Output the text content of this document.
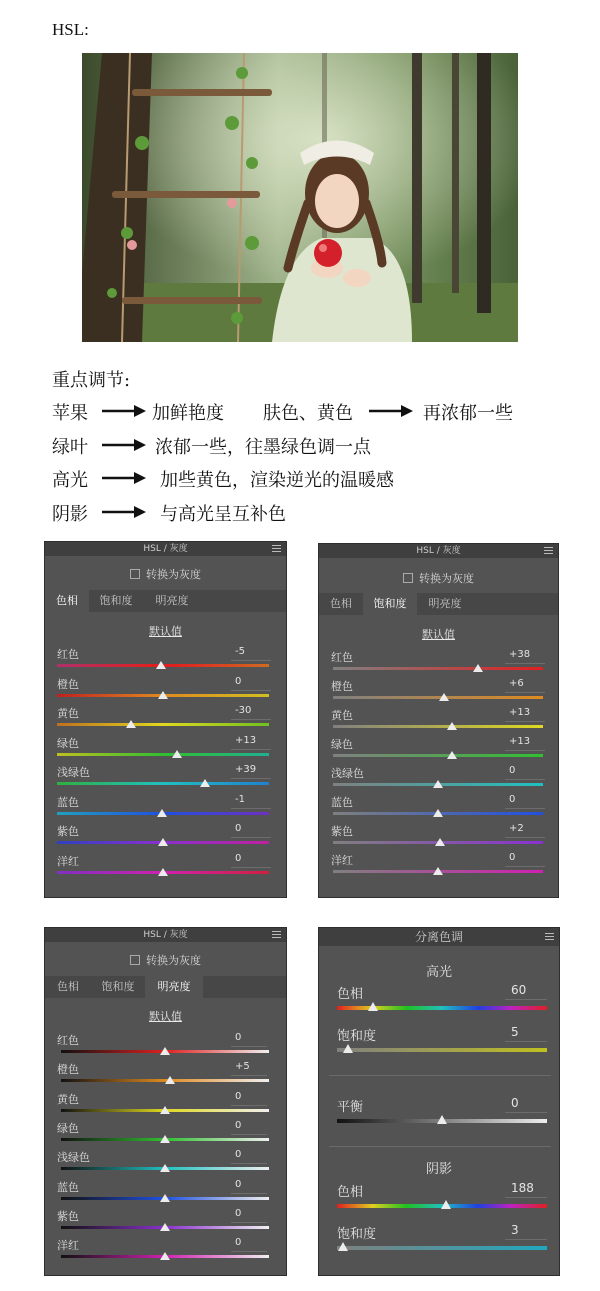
HSL:
重点调节:
苹果	加鲜艳度 肤色、黄色	再浓郁一些
绿叶	浓郁一些，往墨绿色调一点
高光	加些黄色，渲染逆光的温暖感
阴影	与高光呈互补色
HSL / 灰度
转换为灰度
色相	饱和度	明亮度
默认值
红色	-5
橙色	0
黄色	-30
绿色	+13
浅绿色	+39
蓝色	-1
紫色	0
洋红	0
HSL / 灰度
转换为灰度
色相	饱和度	明亮度
默认值
红色	+38
橙色	+6
黄色	+13
绿色	+13
浅绿色	0
蓝色	0
紫色	+2
洋红	0
HSL / 灰度
转换为灰度
色相	饱和度	明亮度
默认值
红色	0
橙色	+5
黄色	0
绿色	0
浅绿色	0
蓝色	0
紫色	0
洋红	0
分离色调
高光
色相	60
饱和度	5
平衡	0
阴影
色相	188
饱和度	3
